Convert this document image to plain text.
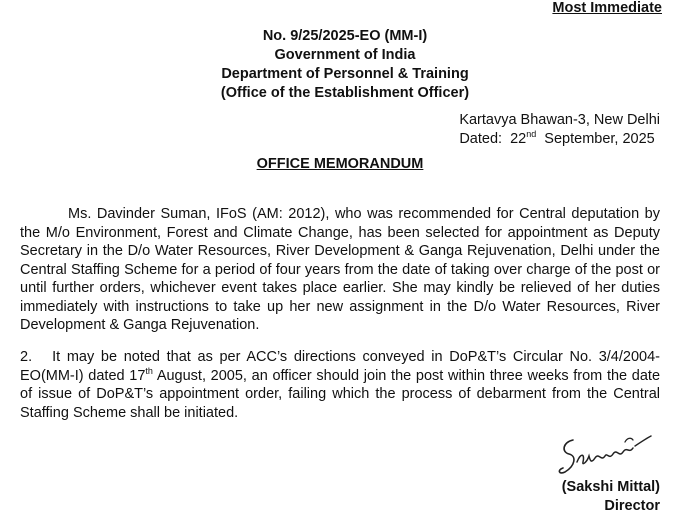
Most Immediate
No. 9/25/2025-EO (MM-I)
Government of India
Department of Personnel & Training
(Office of the Establishment Officer)
Kartavya Bhawan-3, New Delhi
Dated:  22nd  September, 2025
OFFICE MEMORANDUM
Ms. Davinder Suman, IFoS (AM: 2012), who was recommended for Central deputation by the M/o Environment, Forest and Climate Change, has been selected for appointment as Deputy Secretary in the D/o Water Resources, River Development & Ganga Rejuvenation, Delhi under the Central Staffing Scheme for a period of four years from the date of taking over charge of the post or until further orders, whichever event takes place earlier. She may kindly be relieved of her duties immediately with instructions to take up her new assignment in the D/o Water Resources, River Development & Ganga Rejuvenation.
2.   It may be noted that as per ACC’s directions conveyed in DoP&T’s Circular No. 3/4/2004-EO(MM-I) dated 17th August, 2005, an officer should join the post within three weeks from the date of issue of DoP&T’s appointment order, failing which the process of debarment from the Central Staffing Scheme shall be initiated.
(Sakshi Mittal)
Director
